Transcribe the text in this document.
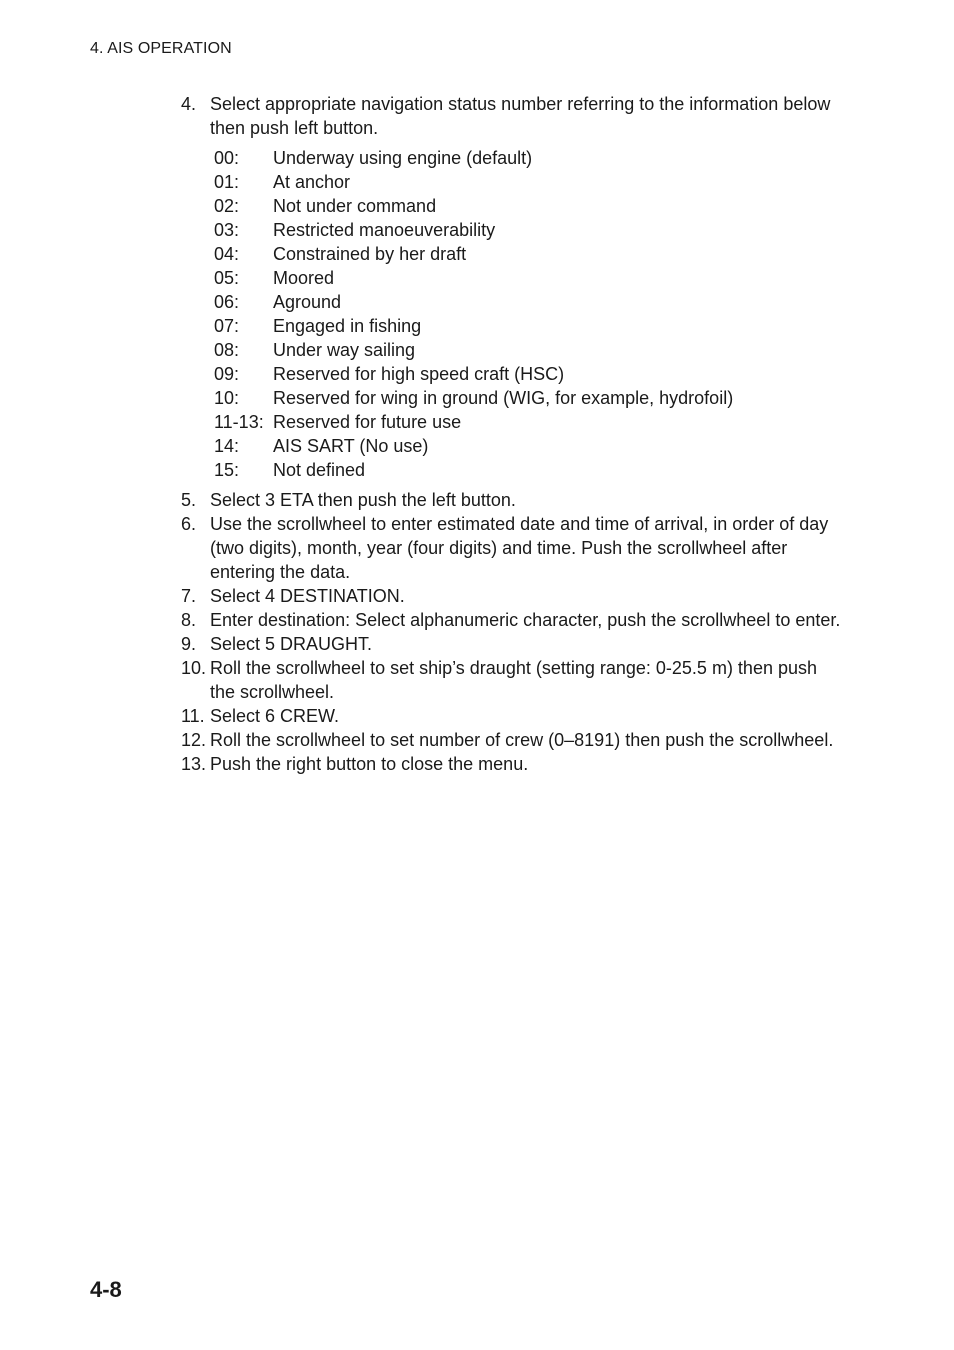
4. AIS OPERATION
4. Select appropriate navigation status number referring to the information below then push left button.
00:	Underway using engine (default)
01:	At anchor
02:	Not under command
03:	Restricted manoeuverability
04:	Constrained by her draft
05:	Moored
06:	Aground
07:	Engaged in fishing
08:	Under way sailing
09:	Reserved for high speed craft (HSC)
10:	Reserved for wing in ground (WIG, for example, hydrofoil)
11-13: Reserved for future use
14:	AIS SART (No use)
15:	Not defined
5. Select 3 ETA then push the left button.
6. Use the scrollwheel to enter estimated date and time of arrival, in order of day (two digits), month, year (four digits) and time. Push the scrollwheel after entering the data.
7. Select 4 DESTINATION.
8. Enter destination: Select alphanumeric character, push the scrollwheel to enter.
9. Select 5 DRAUGHT.
10. Roll the scrollwheel to set ship’s draught (setting range: 0-25.5 m) then push the scrollwheel.
11. Select 6 CREW.
12. Roll the scrollwheel to set number of crew (0–8191) then push the scrollwheel.
13. Push the right button to close the menu.
4-8
